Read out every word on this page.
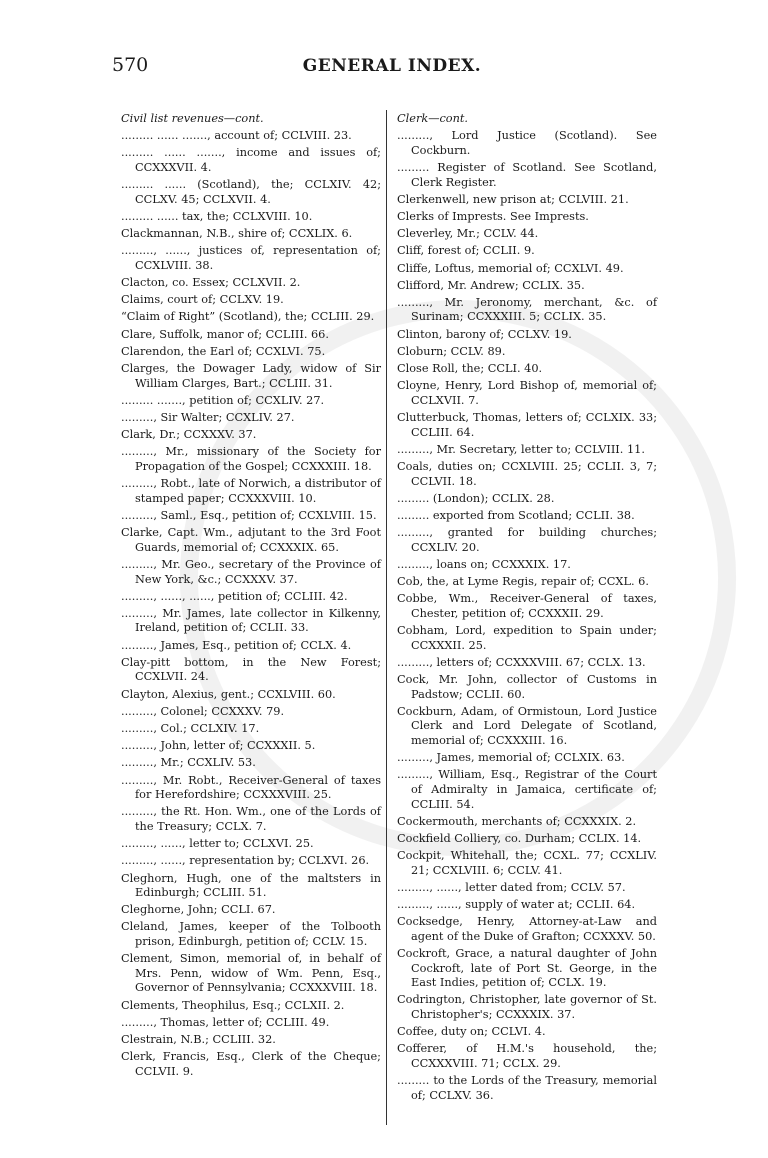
570	GENERAL INDEX.
Civil list revenues—cont.
......... ...... ......., account of; CCLVIII. 23.
......... ...... ......., income and issues of; CCXXXVII. 4.
......... ...... (Scotland), the; CCLXIV. 42; CCLXV. 45; CCLXVII. 4.
......... ...... tax, the; CCLXVIII. 10.
Clackmannan, N.B., shire of; CCXLIX. 6.
........., ......, justices of, representation of; CCXLVIII. 38.
Clacton, co. Essex; CCLXVII. 2.
Claims, court of; CCLXV. 19.
“Claim of Right” (Scotland), the; CCLIII. 29.
Clare, Suffolk, manor of; CCLIII. 66.
Clarendon, the Earl of; CCXLVI. 75.
Clarges, the Dowager Lady, widow of Sir William Clarges, Bart.; CCLIII. 31.
......... ......., petition of; CCXLIV. 27.
........., Sir Walter; CCXLIV. 27.
Clark, Dr.; CCXXXV. 37.
........., Mr., missionary of the Society for Propagation of the Gospel; CCXXXIII. 18.
........., Robt., late of Norwich, a distributor of stamped paper; CCXXXVIII. 10.
........., Saml., Esq., petition of; CCXLVIII. 15.
Clarke, Capt. Wm., adjutant to the 3rd Foot Guards, memorial of; CCXXXIX. 65.
........., Mr. Geo., secretary of the Province of New York, &c.; CCXXXV. 37.
........., ......, ......, petition of; CCLIII. 42.
........., Mr. James, late collector in Kilkenny, Ireland, petition of; CCLII. 33.
........., James, Esq., petition of; CCLX. 4.
Clay-pitt bottom, in the New Forest; CCXLVII. 24.
Clayton, Alexius, gent.; CCXLVIII. 60.
........., Colonel; CCXXXV. 79.
........., Col.; CCLXIV. 17.
........., John, letter of; CCXXXII. 5.
........., Mr.; CCXLIV. 53.
........., Mr. Robt., Receiver-General of taxes for Herefordshire; CCXXXVIII. 25.
........., the Rt. Hon. Wm., one of the Lords of the Treasury; CCLX. 7.
........., ......, letter to; CCLXVI. 25.
........., ......, representation by; CCLXVI. 26.
Cleghorn, Hugh, one of the maltsters in Edinburgh; CCLIII. 51.
Cleghorne, John; CCLI. 67.
Cleland, James, keeper of the Tolbooth prison, Edinburgh, petition of; CCLV. 15.
Clement, Simon, memorial of, in behalf of Mrs. Penn, widow of Wm. Penn, Esq., Governor of Pennsylvania; CCXXXVIII. 18.
Clements, Theophilus, Esq.; CCLXII. 2.
........., Thomas, letter of; CCLIII. 49.
Clestrain, N.B.; CCLIII. 32.
Clerk, Francis, Esq., Clerk of the Cheque; CCLVII. 9.
Clerk—cont.
........., Lord Justice (Scotland). See Cockburn.
......... Register of Scotland. See Scotland, Clerk Register.
Clerkenwell, new prison at; CCLVIII. 21.
Clerks of Imprests. See Imprests.
Cleverley, Mr.; CCLV. 44.
Cliff, forest of; CCLII. 9.
Cliffe, Loftus, memorial of; CCXLVI. 49.
Clifford, Mr. Andrew; CCLIX. 35.
........., Mr. Jeronomy, merchant, &c. of Surinam; CCXXXIII. 5; CCLIX. 35.
Clinton, barony of; CCLXV. 19.
Cloburn; CCLV. 89.
Close Roll, the; CCLI. 40.
Cloyne, Henry, Lord Bishop of, memorial of; CCLXVII. 7.
Clutterbuck, Thomas, letters of; CCLXIX. 33; CCLIII. 64.
........., Mr. Secretary, letter to; CCLVIII. 11.
Coals, duties on; CCXLVIII. 25; CCLII. 3, 7; CCLVII. 18.
......... (London); CCLIX. 28.
......... exported from Scotland; CCLII. 38.
........., granted for building churches; CCXLIV. 20.
........., loans on; CCXXXIX. 17.
Cob, the, at Lyme Regis, repair of; CCXL. 6.
Cobbe, Wm., Receiver-General of taxes, Chester, petition of; CCXXXII. 29.
Cobham, Lord, expedition to Spain under; CCXXXII. 25.
........., letters of; CCXXXVIII. 67; CCLX. 13.
Cock, Mr. John, collector of Customs in Padstow; CCLII. 60.
Cockburn, Adam, of Ormistoun, Lord Justice Clerk and Lord Delegate of Scotland, memorial of; CCXXXIII. 16.
........., James, memorial of; CCLXIX. 63.
........., William, Esq., Registrar of the Court of Admiralty in Jamaica, certificate of; CCLIII. 54.
Cockermouth, merchants of; CCXXXIX. 2.
Cockfield Colliery, co. Durham; CCLIX. 14.
Cockpit, Whitehall, the; CCXL. 77; CCXLIV. 21; CCXLVIII. 6; CCLV. 41.
........., ......, letter dated from; CCLV. 57.
........., ......, supply of water at; CCLII. 64.
Cocksedge, Henry, Attorney-at-Law and agent of the Duke of Grafton; CCXXXV. 50.
Cockroft, Grace, a natural daughter of John Cockroft, late of Port St. George, in the East Indies, petition of; CCLX. 19.
Codrington, Christopher, late governor of St. Christopher's; CCXXXIX. 37.
Coffee, duty on; CCLVI. 4.
Cofferer, of H.M.'s household, the; CCXXXVIII. 71; CCLX. 29.
......... to the Lords of the Treasury, memorial of; CCLXV. 36.
